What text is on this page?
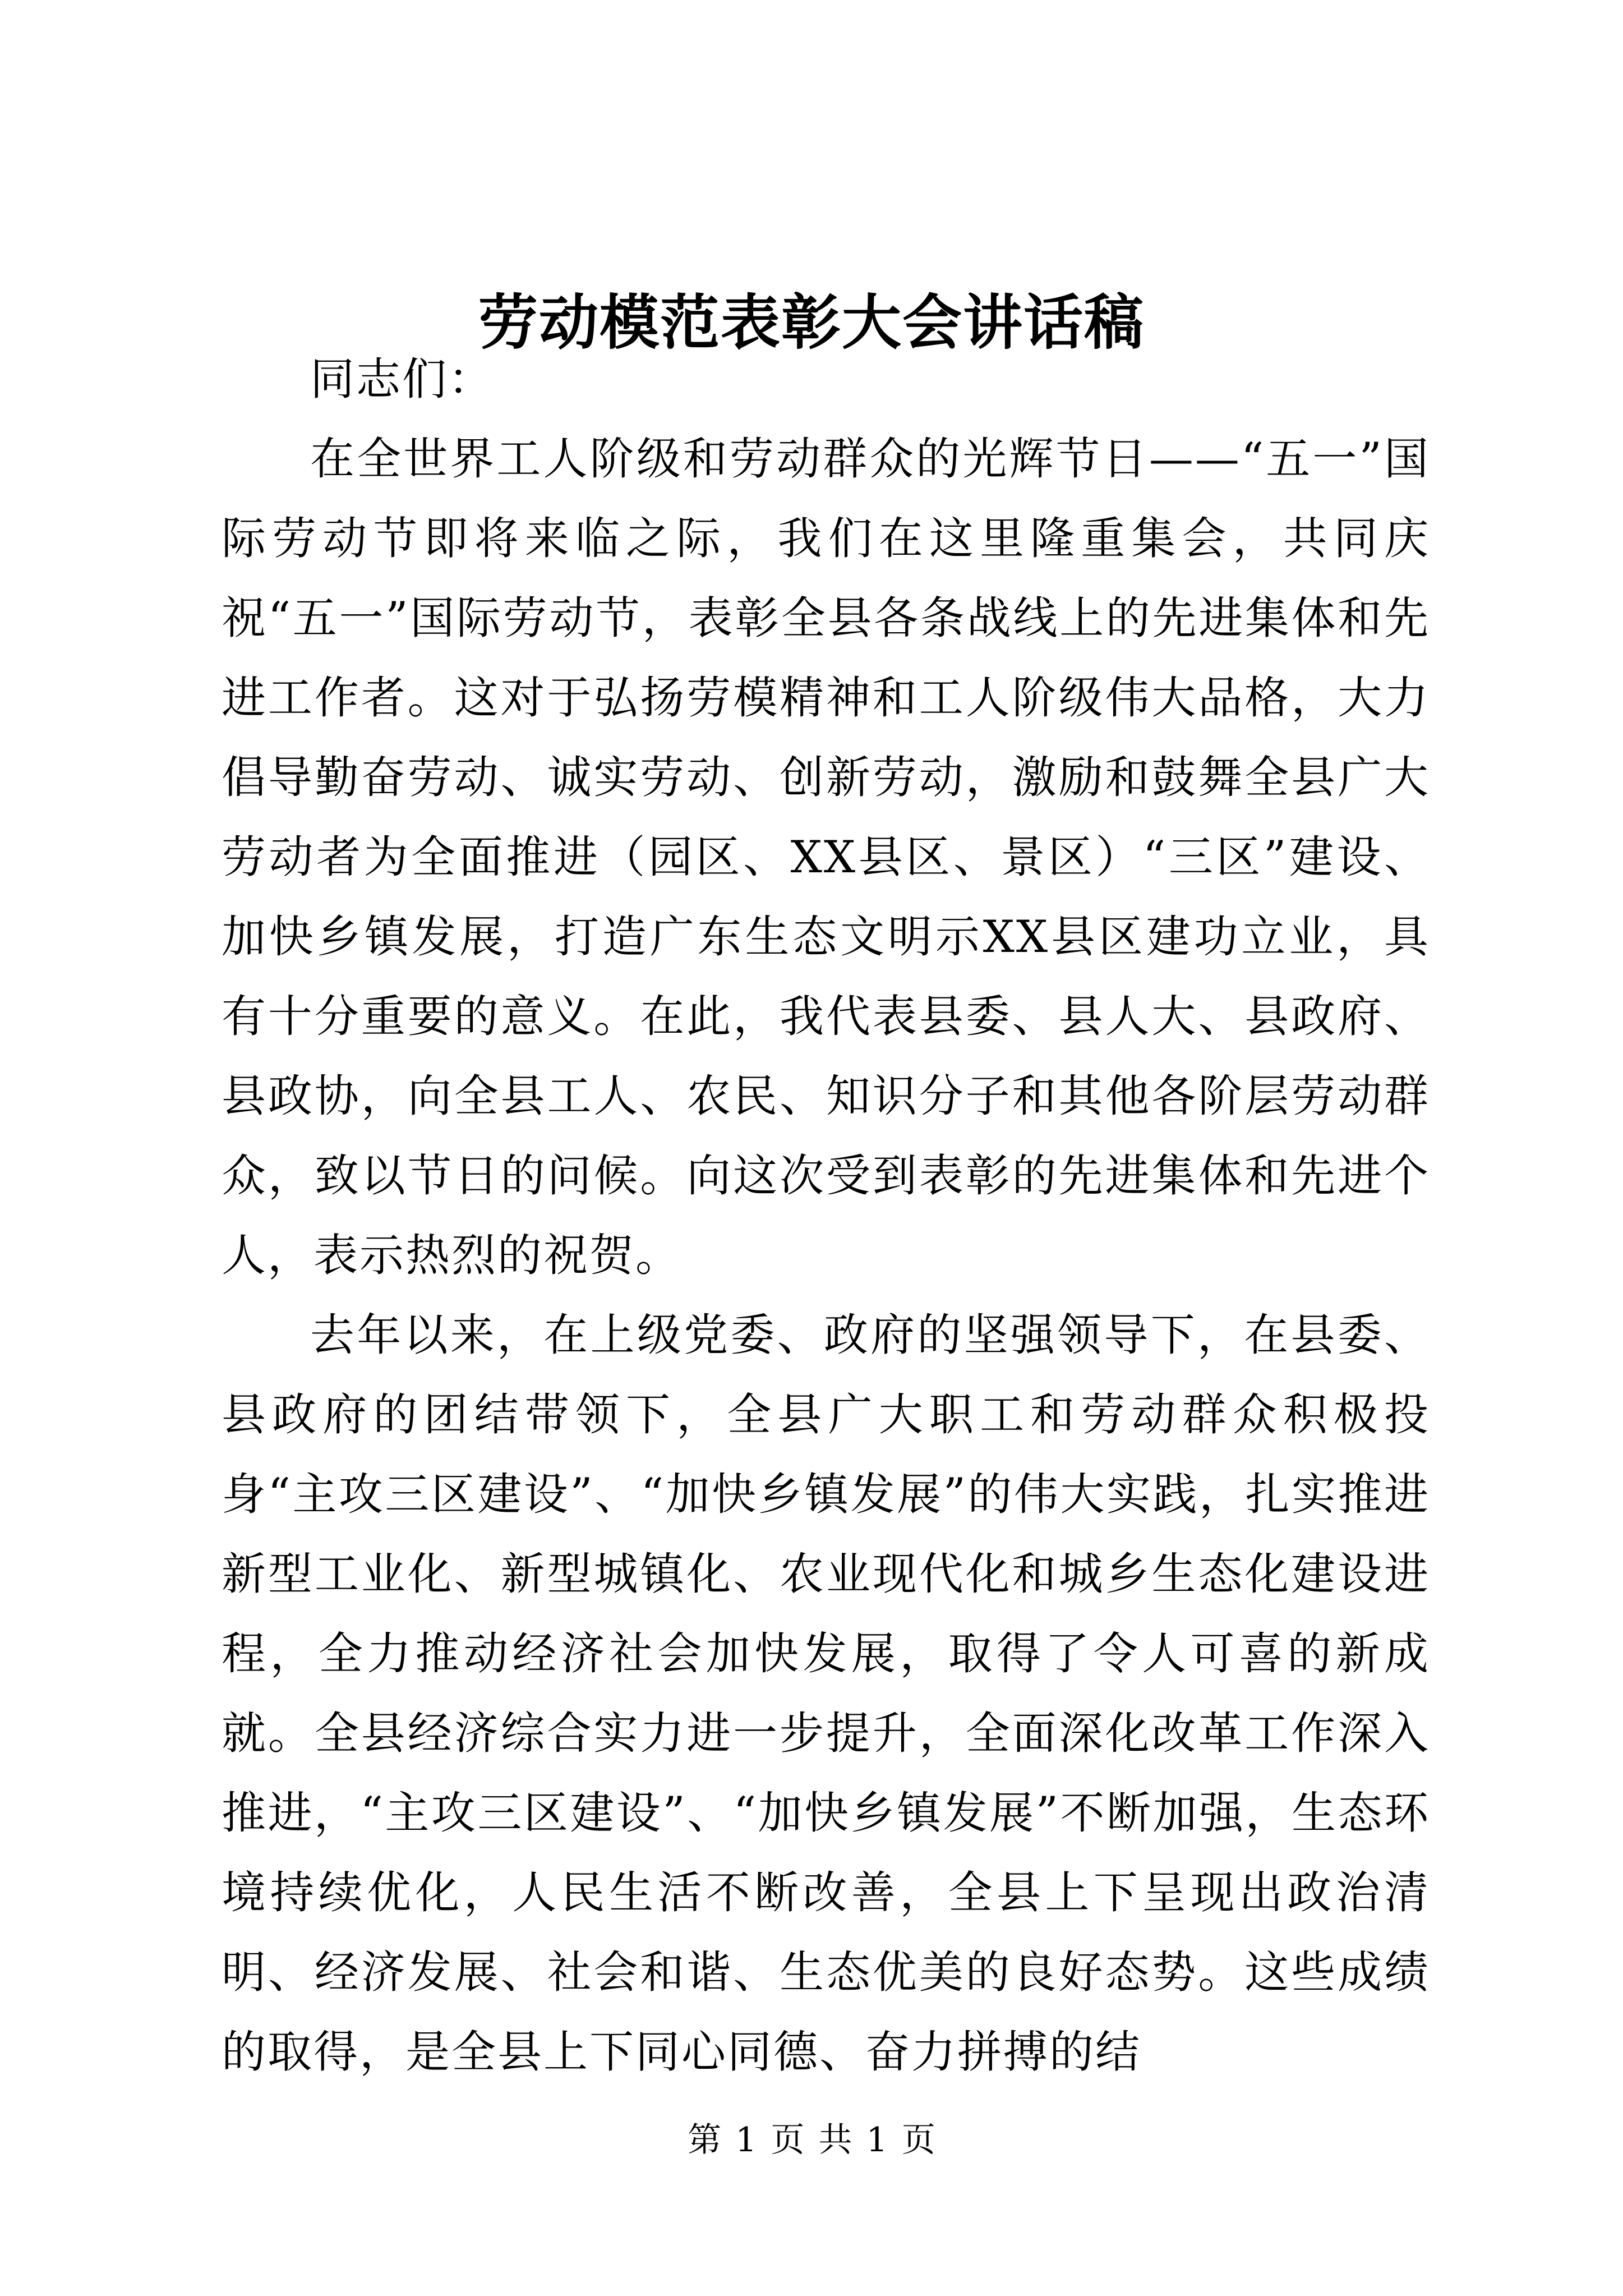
劳动模范表彰大会讲话稿

同志们：

在全世界工人阶级和劳动群众的光辉节日——“五一”国际劳动节即将来临之际，我们在这里隆重集会，共同庆祝“五一”国际劳动节，表彰全县各条战线上的先进集体和先进工作者。这对于弘扬劳模精神和工人阶级伟大品格，大力倡导勤奋劳动、诚实劳动、创新劳动，激励和鼓舞全县广大劳动者为全面推进（园区、XX县区、景区）“三区”建设、加快乡镇发展，打造广东生态文明示XX县区建功立业，具有十分重要的意义。在此，我代表县委、县人大、县政府、县政协，向全县工人、农民、知识分子和其他各阶层劳动群众，致以节日的问候。向这次受到表彰的先进集体和先进个人，表示热烈的祝贺。

去年以来，在上级党委、政府的坚强领导下，在县委、县政府的团结带领下，全县广大职工和劳动群众积极投身“主攻三区建设”、“加快乡镇发展”的伟大实践，扎实推进新型工业化、新型城镇化、农业现代化和城乡生态化建设进程，全力推动经济社会加快发展，取得了令人可喜的新成就。全县经济综合实力进一步提升，全面深化改革工作深入推进，“主攻三区建设”、“加快乡镇发展”不断加强，生态环境持续优化，人民生活不断改善，全县上下呈现出政治清明、经济发展、社会和谐、生态优美的良好态势。这些成绩的取得，是全县上下同心同德、奋力拼搏的结

第 1 页 共 1 页
